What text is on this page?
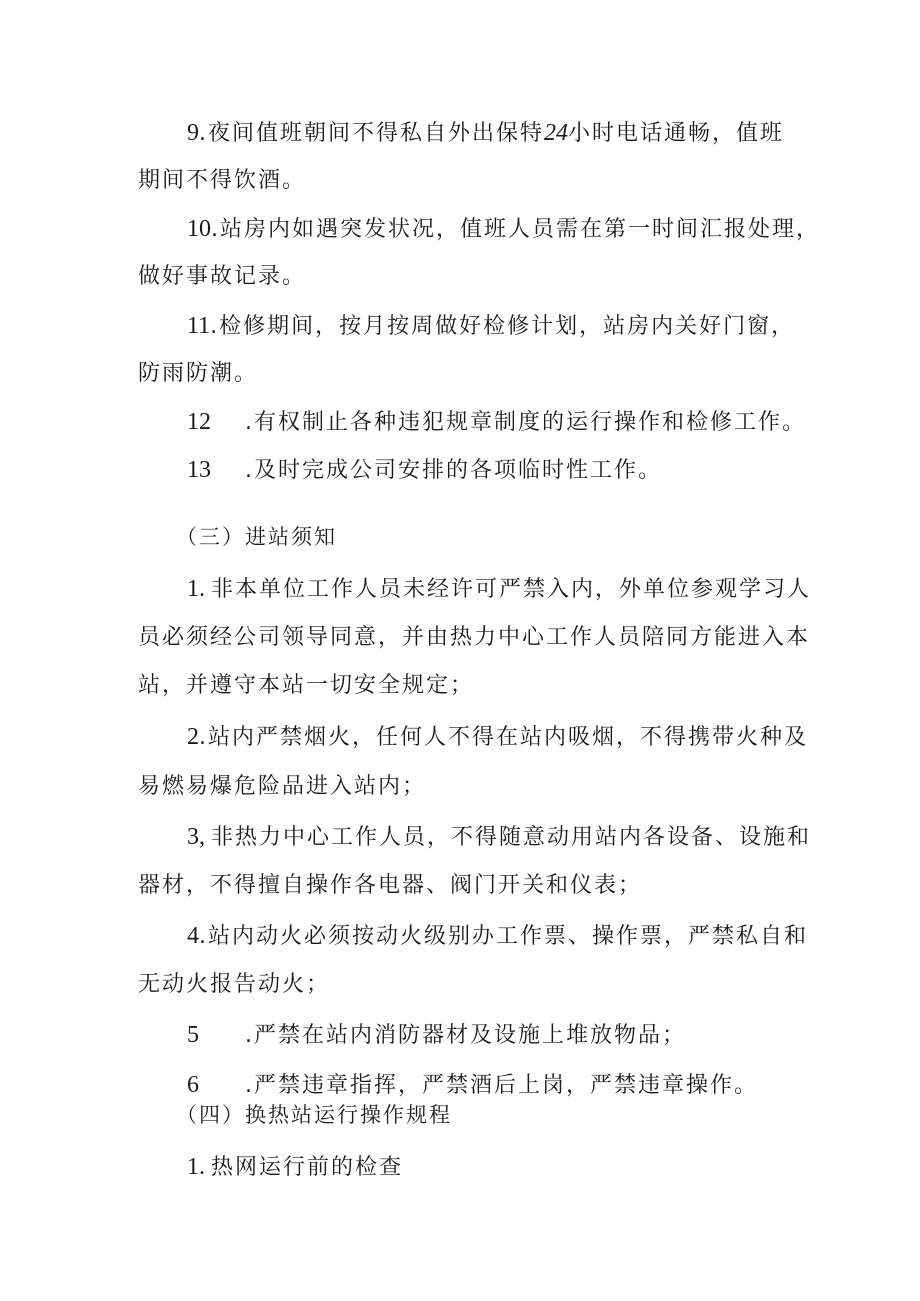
9.夜间值班朝间不得私自外出保特24小时电话通畅，值班
期间不得饮酒。
10.站房内如遇突发状况，值班人员需在第一时间汇报处理，
做好事故记录。
11.检修期间，按月按周做好检修计划，站房内关好门窗，
防雨防潮。
12 .有权制止各种违犯规章制度的运行操作和检修工作。
13 .及时完成公司安排的各项临时性工作。
（三）进站须知
1. 非本单位工作人员未经许可严禁入内，外单位参观学习人
员必须经公司领导同意，并由热力中心工作人员陪同方能进入本
站，并遵守本站一切安全规定；
2.站内严禁烟火，任何人不得在站内吸烟，不得携带火种及
易燃易爆危险品进入站内；
3, 非热力中心工作人员，不得随意动用站内各设备、设施和
器材，不得擅自操作各电器、阀门开关和仪表；
4.站内动火必须按动火级别办工作票、操作票，严禁私自和
无动火报告动火；
5 .严禁在站内消防器材及设施上堆放物品；
6 .严禁违章指挥，严禁酒后上岗，严禁违章操作。
（四）换热站运行操作规程
1. 热网运行前的检查
